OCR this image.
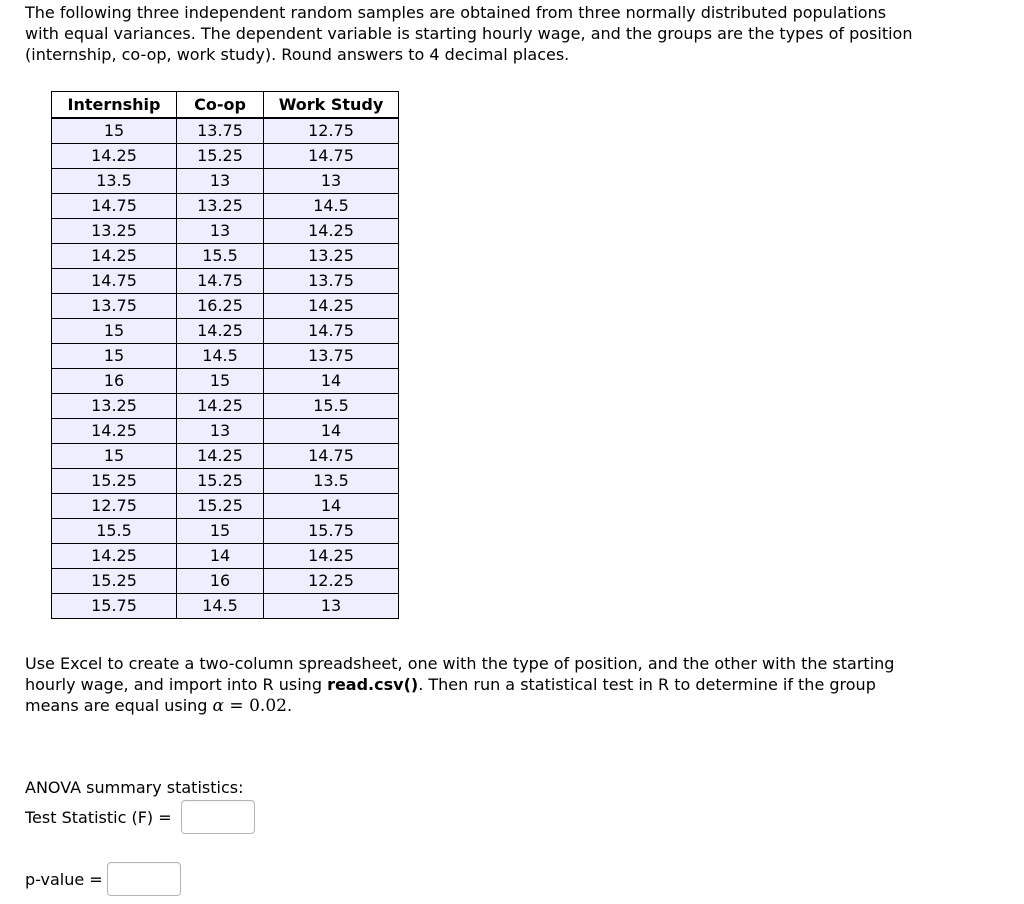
The following three independent random samples are obtained from three normally distributed populations with equal variances. The dependent variable is starting hourly wage, and the groups are the types of position (internship, co-op, work study). Round answers to 4 decimal places.

Internship	Co-op	Work Study
15	13.75	12.75
14.25	15.25	14.75
13.5	13	13
14.75	13.25	14.5
13.25	13	14.25
14.25	15.5	13.25
14.75	14.75	13.75
13.75	16.25	14.25
15	14.25	14.75
15	14.5	13.75
16	15	14
13.25	14.25	15.5
14.25	13	14
15	14.25	14.75
15.25	15.25	13.5
12.75	15.25	14
15.5	15	15.75
14.25	14	14.25
15.25	16	12.25
15.75	14.5	13

Use Excel to create a two-column spreadsheet, one with the type of position, and the other with the starting hourly wage, and import into R using read.csv(). Then run a statistical test in R to determine if the group means are equal using α = 0.02.

ANOVA summary statistics:
Test Statistic (F) =
p-value =
